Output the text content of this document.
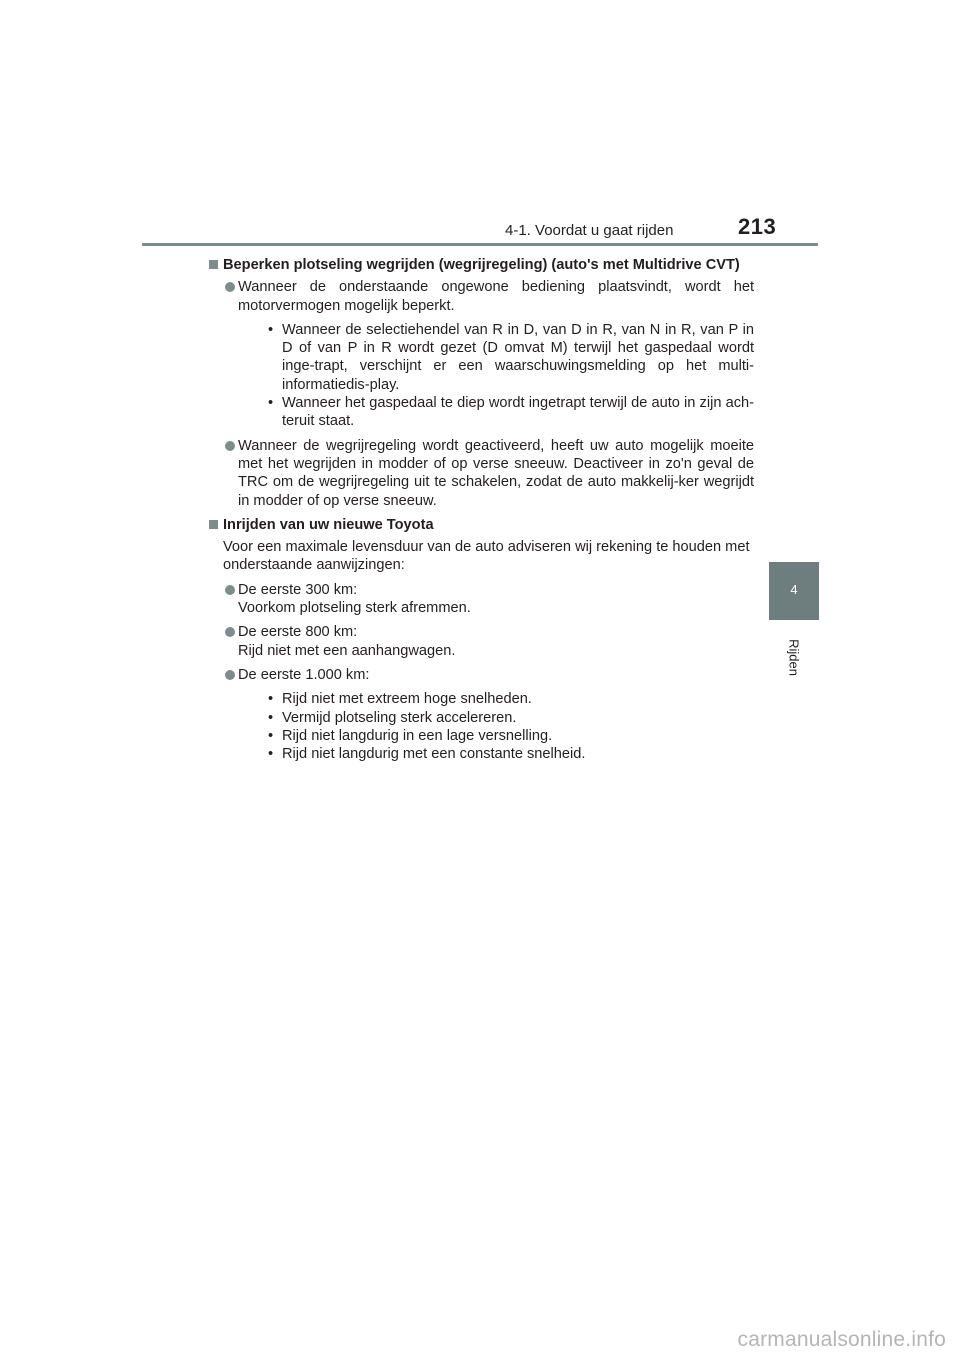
4-1. Voordat u gaat rijden	213
4
Rijden
Beperken plotseling wegrijden (wegrijregeling) (auto's met Multidrive CVT)
Wanneer de onderstaande ongewone bediening plaatsvindt, wordt het motorvermogen mogelijk beperkt.
• Wanneer de selectiehendel van R in D, van D in R, van N in R, van P in D of van P in R wordt gezet (D omvat M) terwijl het gaspedaal wordt inge-trapt, verschijnt er een waarschuwingsmelding op het multi-informatiedis-play.
• Wanneer het gaspedaal te diep wordt ingetrapt terwijl de auto in zijn ach-teruit staat.
Wanneer de wegrijregeling wordt geactiveerd, heeft uw auto mogelijk moeite met het wegrijden in modder of op verse sneeuw. Deactiveer in zo'n geval de TRC om de wegrijregeling uit te schakelen, zodat de auto makkelij-ker wegrijdt in modder of op verse sneeuw.
Inrijden van uw nieuwe Toyota
Voor een maximale levensduur van de auto adviseren wij rekening te houden met onderstaande aanwijzingen:
De eerste 300 km:
Voorkom plotseling sterk afremmen.
De eerste 800 km:
Rijd niet met een aanhangwagen.
De eerste 1.000 km:
• Rijd niet met extreem hoge snelheden.
• Vermijd plotseling sterk accelereren.
• Rijd niet langdurig in een lage versnelling.
• Rijd niet langdurig met een constante snelheid.
carmanualsonline.info
